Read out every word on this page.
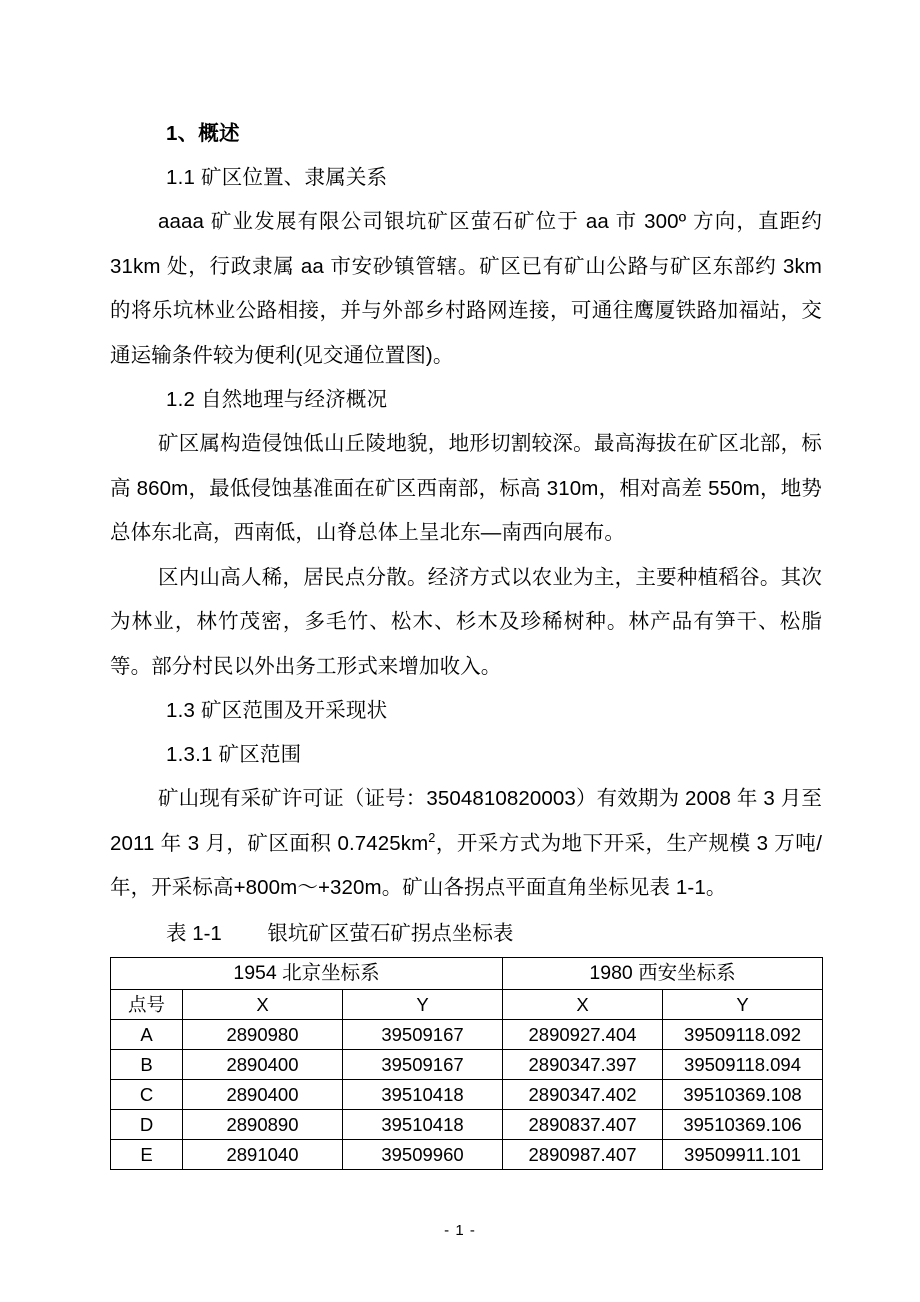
1、概述
1.1 矿区位置、隶属关系

aaaa 矿业发展有限公司银坑矿区萤石矿位于 aa 市 300º 方向，直距约 31km 处，行政隶属 aa 市安砂镇管辖。矿区已有矿山公路与矿区东部约 3km 的将乐坑林业公路相接，并与外部乡村路网连接，可通往鹰厦铁路加福站，交通运输条件较为便利(见交通位置图)。

1.2 自然地理与经济概况

矿区属构造侵蚀低山丘陵地貌，地形切割较深。最高海拔在矿区北部，标高 860m，最低侵蚀基准面在矿区西南部，标高 310m，相对高差 550m，地势总体东北高，西南低，山脊总体上呈北东—南西向展布。

区内山高人稀，居民点分散。经济方式以农业为主，主要种植稻谷。其次为林业，林竹茂密，多毛竹、松木、杉木及珍稀树种。林产品有笋干、松脂等。部分村民以外出务工形式来增加收入。

1.3 矿区范围及开采现状
1.3.1 矿区范围

矿山现有采矿许可证（证号：3504810820003）有效期为 2008 年 3 月至 2011 年 3 月，矿区面积 $0.7425km^2$，开采方式为地下开采，生产规模 3 万吨/年，开采标高+800m～+320m。矿山各拐点平面直角坐标见表 1-1。

表 1-1        银坑矿区萤石矿拐点坐标表
1954 北京坐标系			1980 西安坐标系	
点号	X	Y	X	Y
A	2890980	39509167	2890927.404	39509118.092
B	2890400	39509167	2890347.397	39509118.094
C	2890400	39510418	2890347.402	39510369.108
D	2890890	39510418	2890837.407	39510369.106
E	2891040	39509960	2890987.407	39509911.101
- 1 -
